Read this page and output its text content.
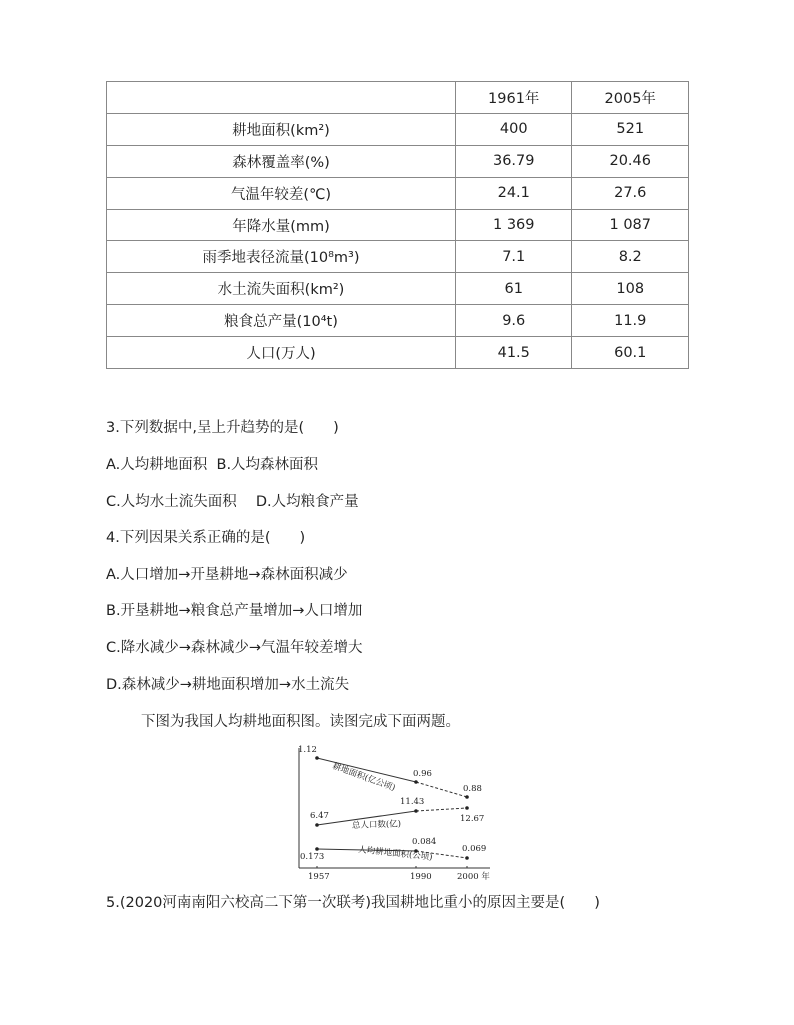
	1961年	2005年
耕地面积(km²)	400	521
森林覆盖率(%)	36.79	20.46
气温年较差(℃)	24.1	27.6
年降水量(mm)	1 369	1 087
雨季地表径流量(10⁸m³)	7.1	8.2
水土流失面积(km²)	61	108
粮食总产量(10⁴t)	9.6	11.9
人口(万人)	41.5	60.1
3.下列数据中,呈上升趋势的是(　　)
A.人均耕地面积  B.人均森林面积
C.人均水土流失面积　 D.人均粮食产量
4.下列因果关系正确的是(　　)
A.人口增加→开垦耕地→森林面积减少
B.开垦耕地→粮食总产量增加→人口增加
C.降水减少→森林减少→气温年较差增大
D.森林减少→耕地面积增加→水土流失
下图为我国人均耕地面积图。读图完成下面两题。
1.12
0.96
0.88
耕地面积(亿公顷)
6.47
11.43
12.67
总人口数(亿)
0.173
0.084
0.069
人均耕地面积(公顷)
1957	1990	2000 年
5.(2020河南南阳六校高二下第一次联考)我国耕地比重小的原因主要是(　　)
